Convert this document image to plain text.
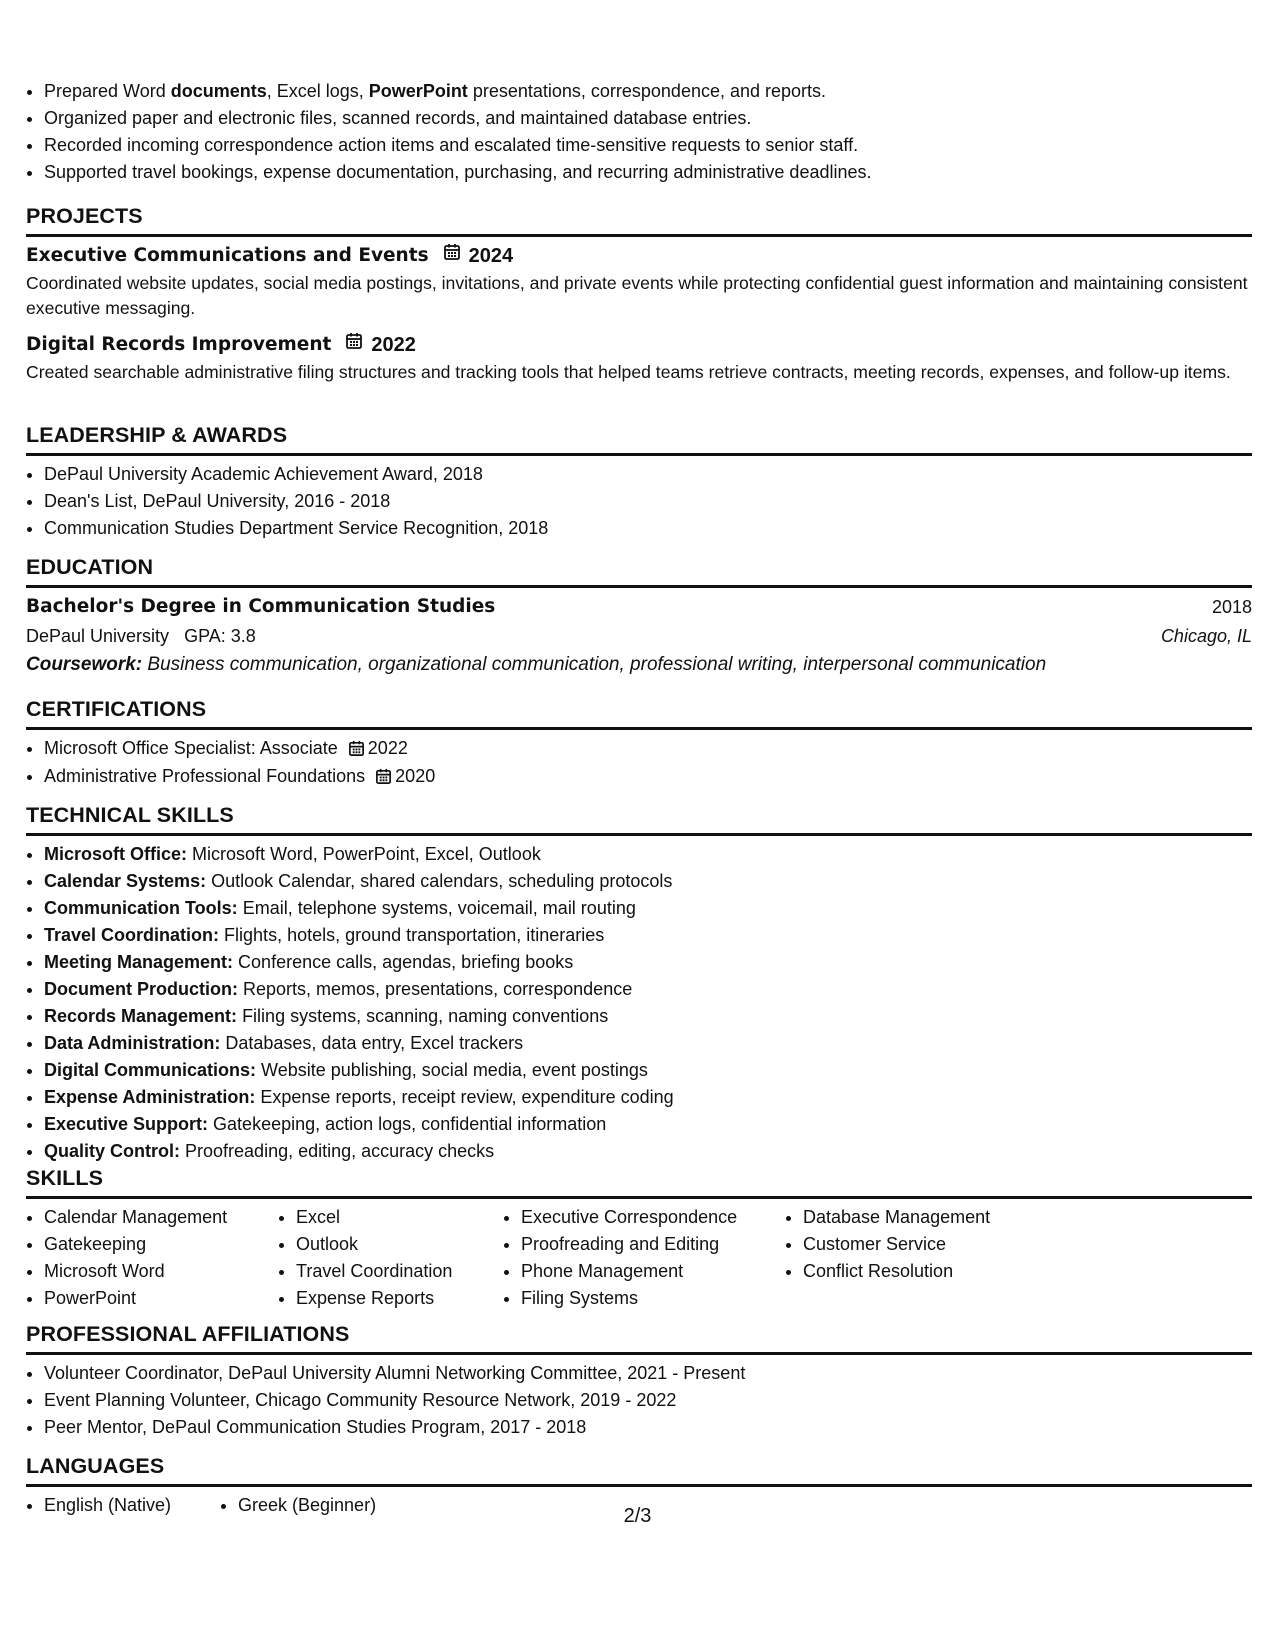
• Prepared Word documents, Excel logs, PowerPoint presentations, correspondence, and reports.
• Organized paper and electronic files, scanned records, and maintained database entries.
• Recorded incoming correspondence action items and escalated time-sensitive requests to senior staff.
• Supported travel bookings, expense documentation, purchasing, and recurring administrative deadlines.
PROJECTS
Executive Communications and Events 2024

Coordinated website updates, social media postings, invitations, and private events while protecting confidential guest information and maintaining consistent executive messaging.

Digital Records Improvement 2022

Created searchable administrative filing structures and tracking tools that helped teams retrieve contracts, meeting records, expenses, and follow-up items.

LEADERSHIP & AWARDS
• DePaul University Academic Achievement Award, 2018
• Dean's List, DePaul University, 2016 - 2018
• Communication Studies Department Service Recognition, 2018
EDUCATION
Bachelor's Degree in Communication Studies	2018
DePaul University GPA: 3.8	Chicago, IL
Coursework: Business communication, organizational communication, professional writing, interpersonal communication
CERTIFICATIONS
• Microsoft Office Specialist: Associate 2022
• Administrative Professional Foundations 2020
TECHNICAL SKILLS
• Microsoft Office: Microsoft Word, PowerPoint, Excel, Outlook
• Calendar Systems: Outlook Calendar, shared calendars, scheduling protocols
• Communication Tools: Email, telephone systems, voicemail, mail routing
• Travel Coordination: Flights, hotels, ground transportation, itineraries
• Meeting Management: Conference calls, agendas, briefing books
• Document Production: Reports, memos, presentations, correspondence
• Records Management: Filing systems, scanning, naming conventions
• Data Administration: Databases, data entry, Excel trackers
• Digital Communications: Website publishing, social media, event postings
• Expense Administration: Expense reports, receipt review, expenditure coding
• Executive Support: Gatekeeping, action logs, confidential information
• Quality Control: Proofreading, editing, accuracy checks
SKILLS
• Calendar Management
• Gatekeeping
• Microsoft Word
• PowerPoint
• Excel
• Outlook
• Travel Coordination
• Expense Reports
• Executive Correspondence
• Proofreading and Editing
• Phone Management
• Filing Systems
• Database Management
• Customer Service
• Conflict Resolution
PROFESSIONAL AFFILIATIONS
• Volunteer Coordinator, DePaul University Alumni Networking Committee, 2021 - Present
• Event Planning Volunteer, Chicago Community Resource Network, 2019 - 2022
• Peer Mentor, DePaul Communication Studies Program, 2017 - 2018
LANGUAGES
• English (Native)
•	Greek (Beginner)	2/3
